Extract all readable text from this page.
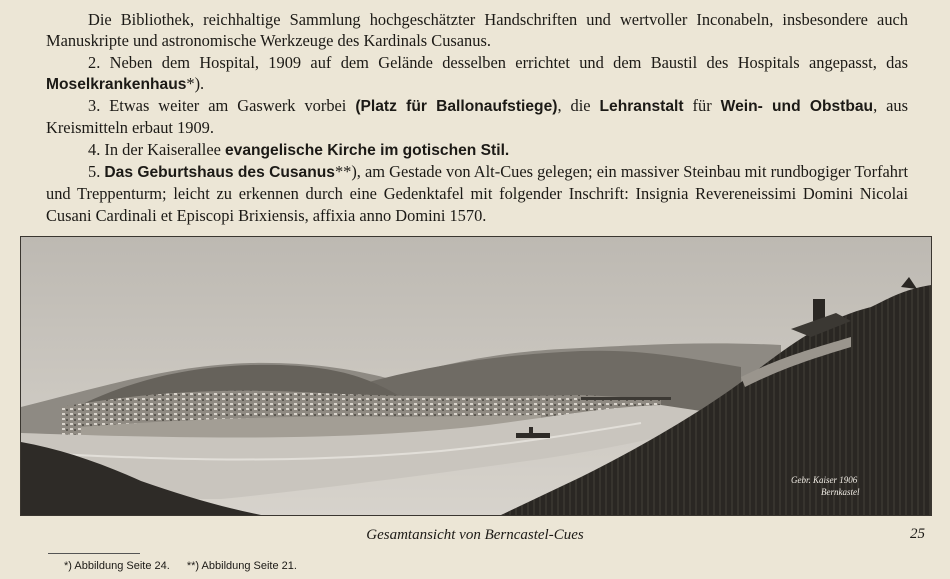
Die Bibliothek, reichhaltige Sammlung hochgeschätzter Handschriften und wertvoller Inconabeln, insbesondere auch Manuskripte und astronomische Werkzeuge des Kardinals Cusanus.

2. Neben dem Hospital, 1909 auf dem Gelände desselben errichtet und dem Baustil des Hospitals angepasst, das Moselkrankenhaus*).

3. Etwas weiter am Gaswerk vorbei (Platz für Ballonaufstiege), die Lehranstalt für Wein- und Obstbau, aus Kreismitteln erbaut 1909.

4. In der Kaiserallee evangelische Kirche im gotischen Stil.

5. Das Geburtshaus des Cusanus**), am Gestade von Alt-Cues gelegen; ein massiver Steinbau mit rundbogiger Torfahrt und Treppenturm; leicht zu erkennen durch eine Gedenktafel mit folgender Inschrift: Insignia Revereneissimi Domini Nicolai Cusani Cardinali et Episcopi Brixiensis, affixia anno Domini 1570.

Gebr. Kaiser 1906
Bernkastel
Gesamtansicht von Berncastel-Cues	25
*) Abbildung Seite 24. **) Abbildung Seite 21.
